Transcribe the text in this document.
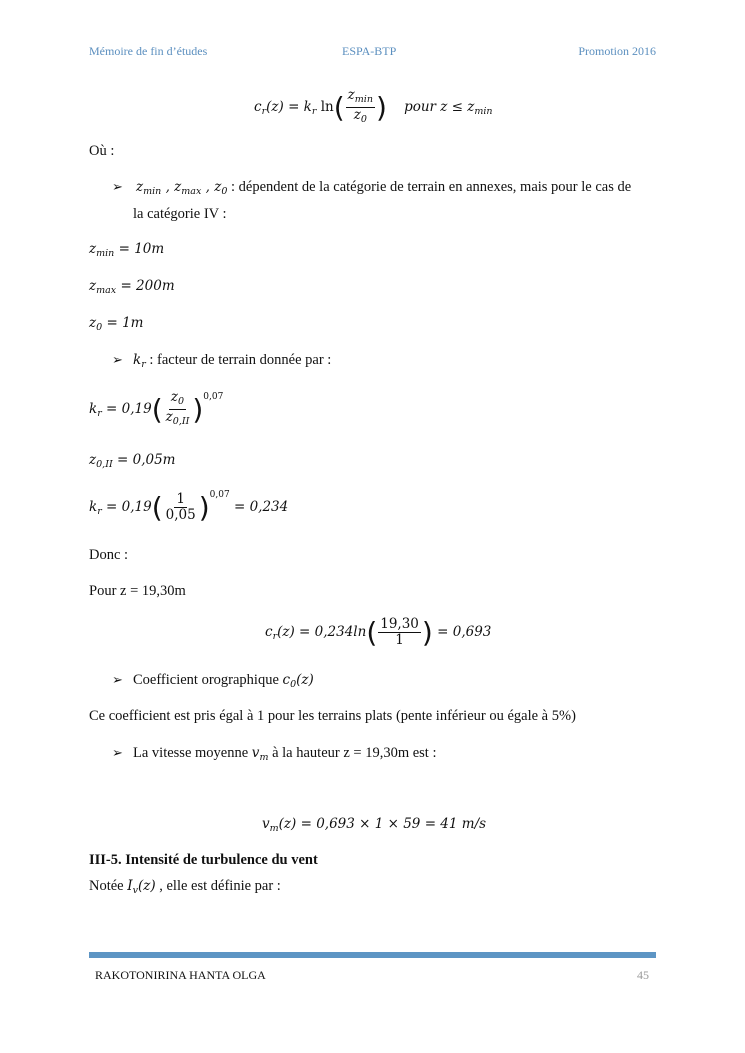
Mémoire de fin d’études	ESPA-BTP	Promotion 2016
$c_r(z) = k_r$ $\ln( \frac{z_{min}}{z_0}$ ) pour $z \le z_{min}$
Où :
➢ $z_{min}$ , $z_{max}$ , $z_0$ : dépendent de la catégorie de terrain en annexes, mais pour le cas de
la catégorie IV :
$z_{min} = 10m$
$z_{max} = 200m$
$z_0 = 1m$
➢ $k_r$ : facteur de terrain donnée par :
$k_r = 0,19( \frac{z_0}{z_{0,II}} )^{0,07}$
$z_{0,II} = 0,05m$
$k_r = 0,19( \frac{1}{0,05} )^{0,07} = 0,234$
Donc :
Pour z = 19,30m
$c_r(z) = 0,234\ln( \frac{19,30}{1}$ ) = 0,693
➢ Coefficient orographique $c_0(z)$
Ce coefficient est pris égal à 1 pour les terrains plats (pente inférieur ou égale à 5%)
➢ La vitesse moyenne $v_m$ à la hauteur z = 19,30m est :
$v_m(z) = 0,693 \times 1 \times 59 = 41$ m/s
III-5. Intensité de turbulence du vent
Notée $I_v(z)$ , elle est définie par :
RAKOTONIRINA HANTA OLGA	45
